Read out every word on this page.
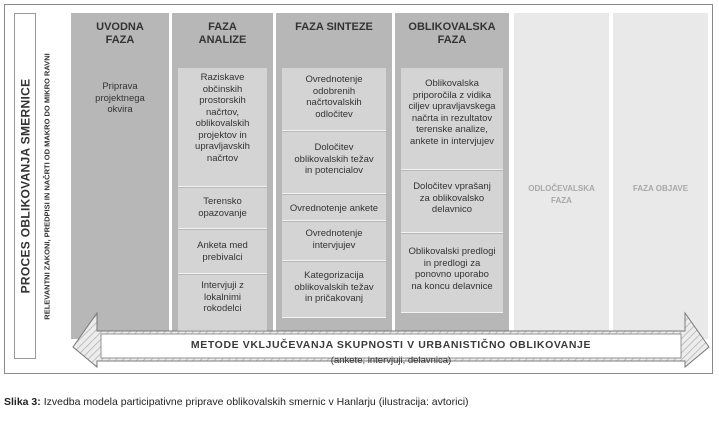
PROCES OBLIKOVANJA SMERNICE RELEVANTNI ZAKONI, PREDPISI IN NAČRTI OD MAKRO DO MIKRO RAVNI
UVODNA
FAZA
Priprava
projektnega
okvira
FAZA
ANALIZE
Raziskave
občinskih
prostorskih
načrtov,
oblikovalskih
projektov in
upravljavskih
načrtov
Terensko
opazovanje
Anketa med
prebivalci
Intervjuji z
lokalnimi
rokodelci
FAZA SINTEZE
Ovrednotenje
odobrenih
načrtovalskih
odločitev
Določitev
oblikovalskih težav
in potencialov
Ovrednotenje ankete
Ovrednotenje
intervjujev
Kategorizacija
oblikovalskih težav
in pričakovanj
OBLIKOVALSKA
FAZA
Oblikovalska
priporočila z vidika
ciljev upravljavskega
načrta in rezultatov
terenske analize,
ankete in intervjujev
Določitev vprašanj
za oblikovalsko
delavnico
Oblikovalski predlogi
in predlogi za
ponovno uporabo
na koncu delavnice
ODLOČEVALSKA
FAZA
FAZA OBJAVE
METODE VKLJUČEVANJA SKUPNOSTI V URBANISTIČNO OBLIKOVANJE
(ankete, intervjuji, delavnica)
Slika 3: Izvedba modela participativne priprave oblikovalskih smernic v Hanlarju (ilustracija: avtorici)
